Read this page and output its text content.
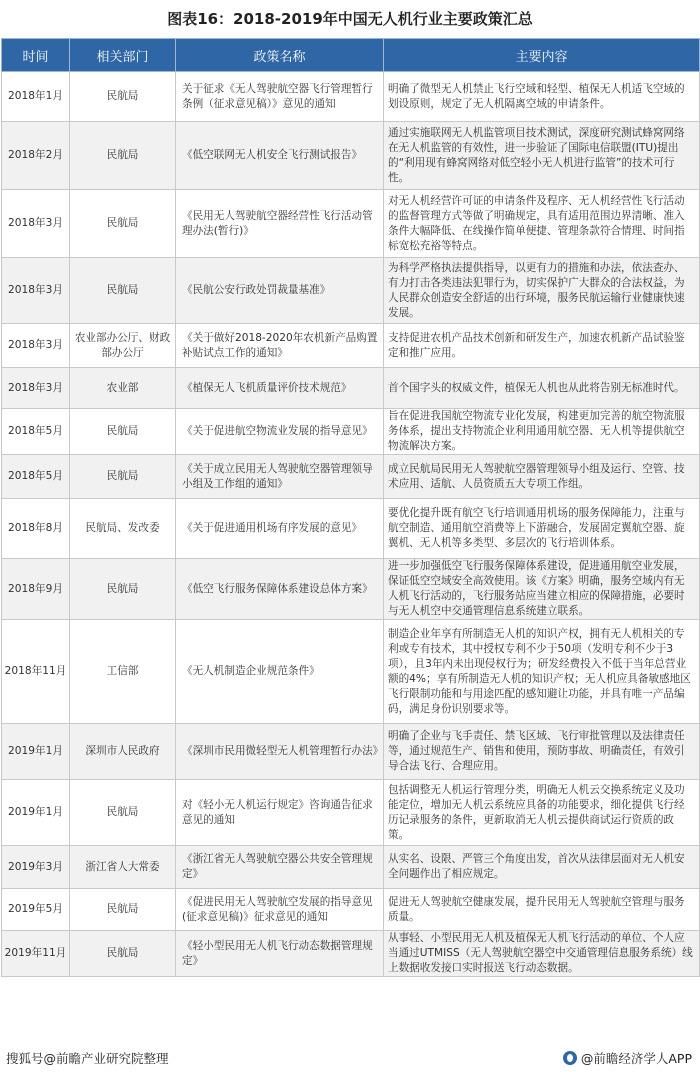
图表16：2018-2019年中国无人机行业主要政策汇总
时间	相关部门	政策名称	主要内容
2018年1月	民航局	关于征求《无人驾驶航空器飞行管理暂行条例（征求意见稿）》意见的通知	明确了微型无人机禁止飞行空域和轻型、植保无人机适飞空域的划设原则，规定了无人机隔离空域的申请条件。
2018年2月	民航局	《低空联网无人机安全飞行测试报告》	通过实施联网无人机监管项目技术测试，深度研究测试蜂窝网络在无人机监管的有效性，进一步验证了国际电信联盟(ITU)提出的“利用现有蜂窝网络对低空轻小无人机进行监管”的技术可行性。
2018年3月	民航局	《民用无人驾驶航空器经营性飞行活动管理办法(暂行)》	对无人机经营许可证的申请条件及程序、无人机经营性飞行活动的监督管理方式等做了明确规定，具有适用范围边界清晰、准入条件大幅降低、在线操作简单便捷、管理条款符合情理、时间指标宽松充裕等特点。
2018年3月	民航局	《民航公安行政处罚裁量基准》	为科学严格执法提供指导，以更有力的措施和办法，依法查办、有力打击各类违法犯罪行为，切实保护广大群众的合法权益，为人民群众创造安全舒适的出行环境，服务民航运输行业健康快速发展。
2018年3月	农业部办公厅、财政部办公厅	《关于做好2018-2020年农机新产品购置补贴试点工作的通知》	支持促进农机产品技术创新和研发生产，加速农机新产品试验鉴定和推广应用。
2018年3月	农业部	《植保无人飞机质量评价技术规范》	首个国字头的权威文件，植保无人机也从此将告别无标准时代。
2018年5月	民航局	《关于促进航空物流业发展的指导意见》	旨在促进我国航空物流专业化发展，构建更加完善的航空物流服务体系，提出支持物流企业利用通用航空器、无人机等提供航空物流解决方案。
2018年5月	民航局	《关于成立民用无人驾驶航空器管理领导小组及工作组的通知》	成立民航局民用无人驾驶航空器管理领导小组及运行、空管、技术应用、适航、人员资质五大专项工作组。
2018年8月	民航局、发改委	《关于促进通用机场有序发展的意见》	要优化提升既有航空飞行培训通用机场的服务保障能力，注重与航空制造、通用航空消费等上下游融合，发展固定翼航空器、旋翼机、无人机等多类型、多层次的飞行培训体系。
2018年9月	民航局	《低空飞行服务保障体系建设总体方案》	进一步加强低空飞行服务保障体系建设，促进通用航空业发展，保证低空空域安全高效使用。该《方案》明确，服务空域内有无人机飞行活动的，飞行服务站应当建立相应的保障措施，必要时与无人机空中交通管理信息系统建立联系。
2018年11月	工信部	《无人机制造企业规范条件》	制造企业年享有所制造无人机的知识产权，拥有无人机相关的专利或专有技术，其中授权专利不少于50项（发明专利不少于3项），且3年内未出现侵权行为；研发经费投入不低于当年总营业额的4%；享有所制造无人机的知识产权；无人机应具备敏感地区飞行限制功能和与用途匹配的感知避让功能，并具有唯一产品编码，满足身份识别要求等。
2019年1月	深圳市人民政府	《深圳市民用微轻型无人机管理暂行办法》	明确了企业与飞手责任、禁飞区域、飞行审批管理以及法律责任等，通过规范生产、销售和使用，预防事故、明确责任，有效引导合法飞行、合理应用。
2019年1月	民航局	对《轻小无人机运行规定》咨询通告征求意见的通知	包括调整无人机运行管理分类，明确无人机云交换系统定义及功能定位，增加无人机云系统应具备的功能要求，细化提供飞行经历记录服务的条件，更新取消无人机云提供商试运行资质的政策。
2019年3月	浙江省人大常委	《浙江省无人驾驶航空器公共安全管理规定》	从实名、设限、严管三个角度出发，首次从法律层面对无人机安全问题作出了相应规定。
2019年5月	民航局	《促进民用无人驾驶航空发展的指导意见(征求意见稿)》征求意见的通知	促进无人驾驶航空健康发展，提升民用无人驾驶航空管理与服务质量。
2019年11月	民航局	《轻小型民用无人机飞行动态数据管理规定》	从事轻、小型民用无人机及植保无人机飞行活动的单位、个人应当通过UTMISS（无人驾驶航空器空中交通管理信息服务系统）线上数据收发接口实时报送飞行动态数据。
搜狐号@前瞻产业研究院整理	@前瞻经济学人APP
